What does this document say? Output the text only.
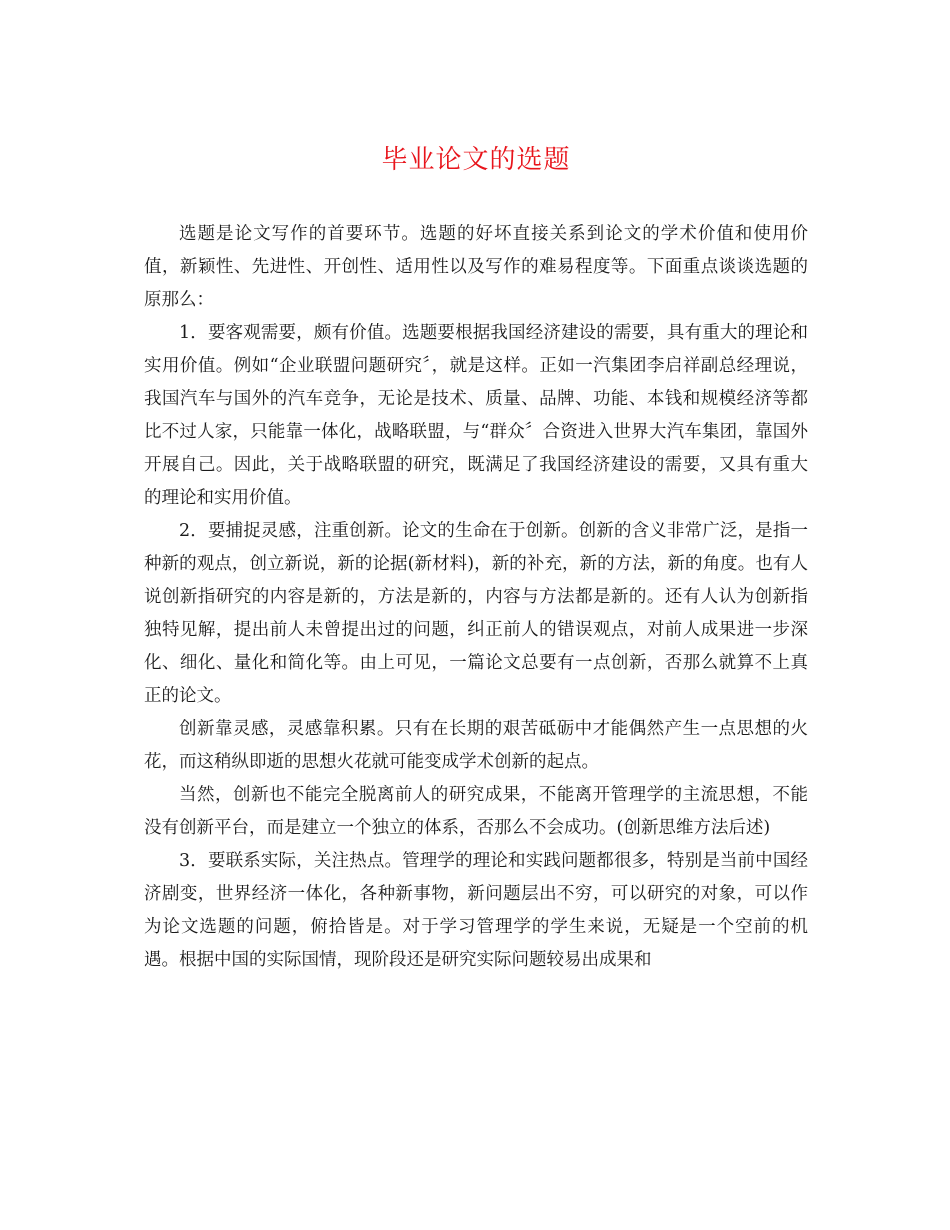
毕业论文的选题

选题是论文写作的首要环节。选题的好坏直接关系到论文的学术价值和使用价值，新颖性、先进性、开创性、适用性以及写作的难易程度等。下面重点谈谈选题的原那么：

1．要客观需要，颇有价值。选题要根据我国经济建设的需要，具有重大的理论和实用价值。例如“企业联盟问题研究〞，就是这样。正如一汽集团李启祥副总经理说，我国汽车与国外的汽车竞争，无论是技术、质量、品牌、功能、本钱和规模经济等都比不过人家，只能靠一体化，战略联盟，与“群众〞合资进入世界大汽车集团，靠国外开展自己。因此，关于战略联盟的研究，既满足了我国经济建设的需要，又具有重大的理论和实用价值。

2．要捕捉灵感，注重创新。论文的生命在于创新。创新的含义非常广泛，是指一种新的观点，创立新说，新的论据(新材料)，新的补充，新的方法，新的角度。也有人说创新指研究的内容是新的，方法是新的，内容与方法都是新的。还有人认为创新指独特见解，提出前人未曾提出过的问题，纠正前人的错误观点，对前人成果进一步深化、细化、量化和简化等。由上可见，一篇论文总要有一点创新，否那么就算不上真正的论文。

创新靠灵感，灵感靠积累。只有在长期的艰苦砥砺中才能偶然产生一点思想的火花，而这稍纵即逝的思想火花就可能变成学术创新的起点。

当然，创新也不能完全脱离前人的研究成果，不能离开管理学的主流思想，不能没有创新平台，而是建立一个独立的体系，否那么不会成功。(创新思维方法后述)

3．要联系实际，关注热点。管理学的理论和实践问题都很多，特别是当前中国经济剧变，世界经济一体化，各种新事物，新问题层出不穷，可以研究的对象，可以作为论文选题的问题，俯拾皆是。对于学习管理学的学生来说，无疑是一个空前的机遇。根据中国的实际国情，现阶段还是研究实际问题较易出成果和
